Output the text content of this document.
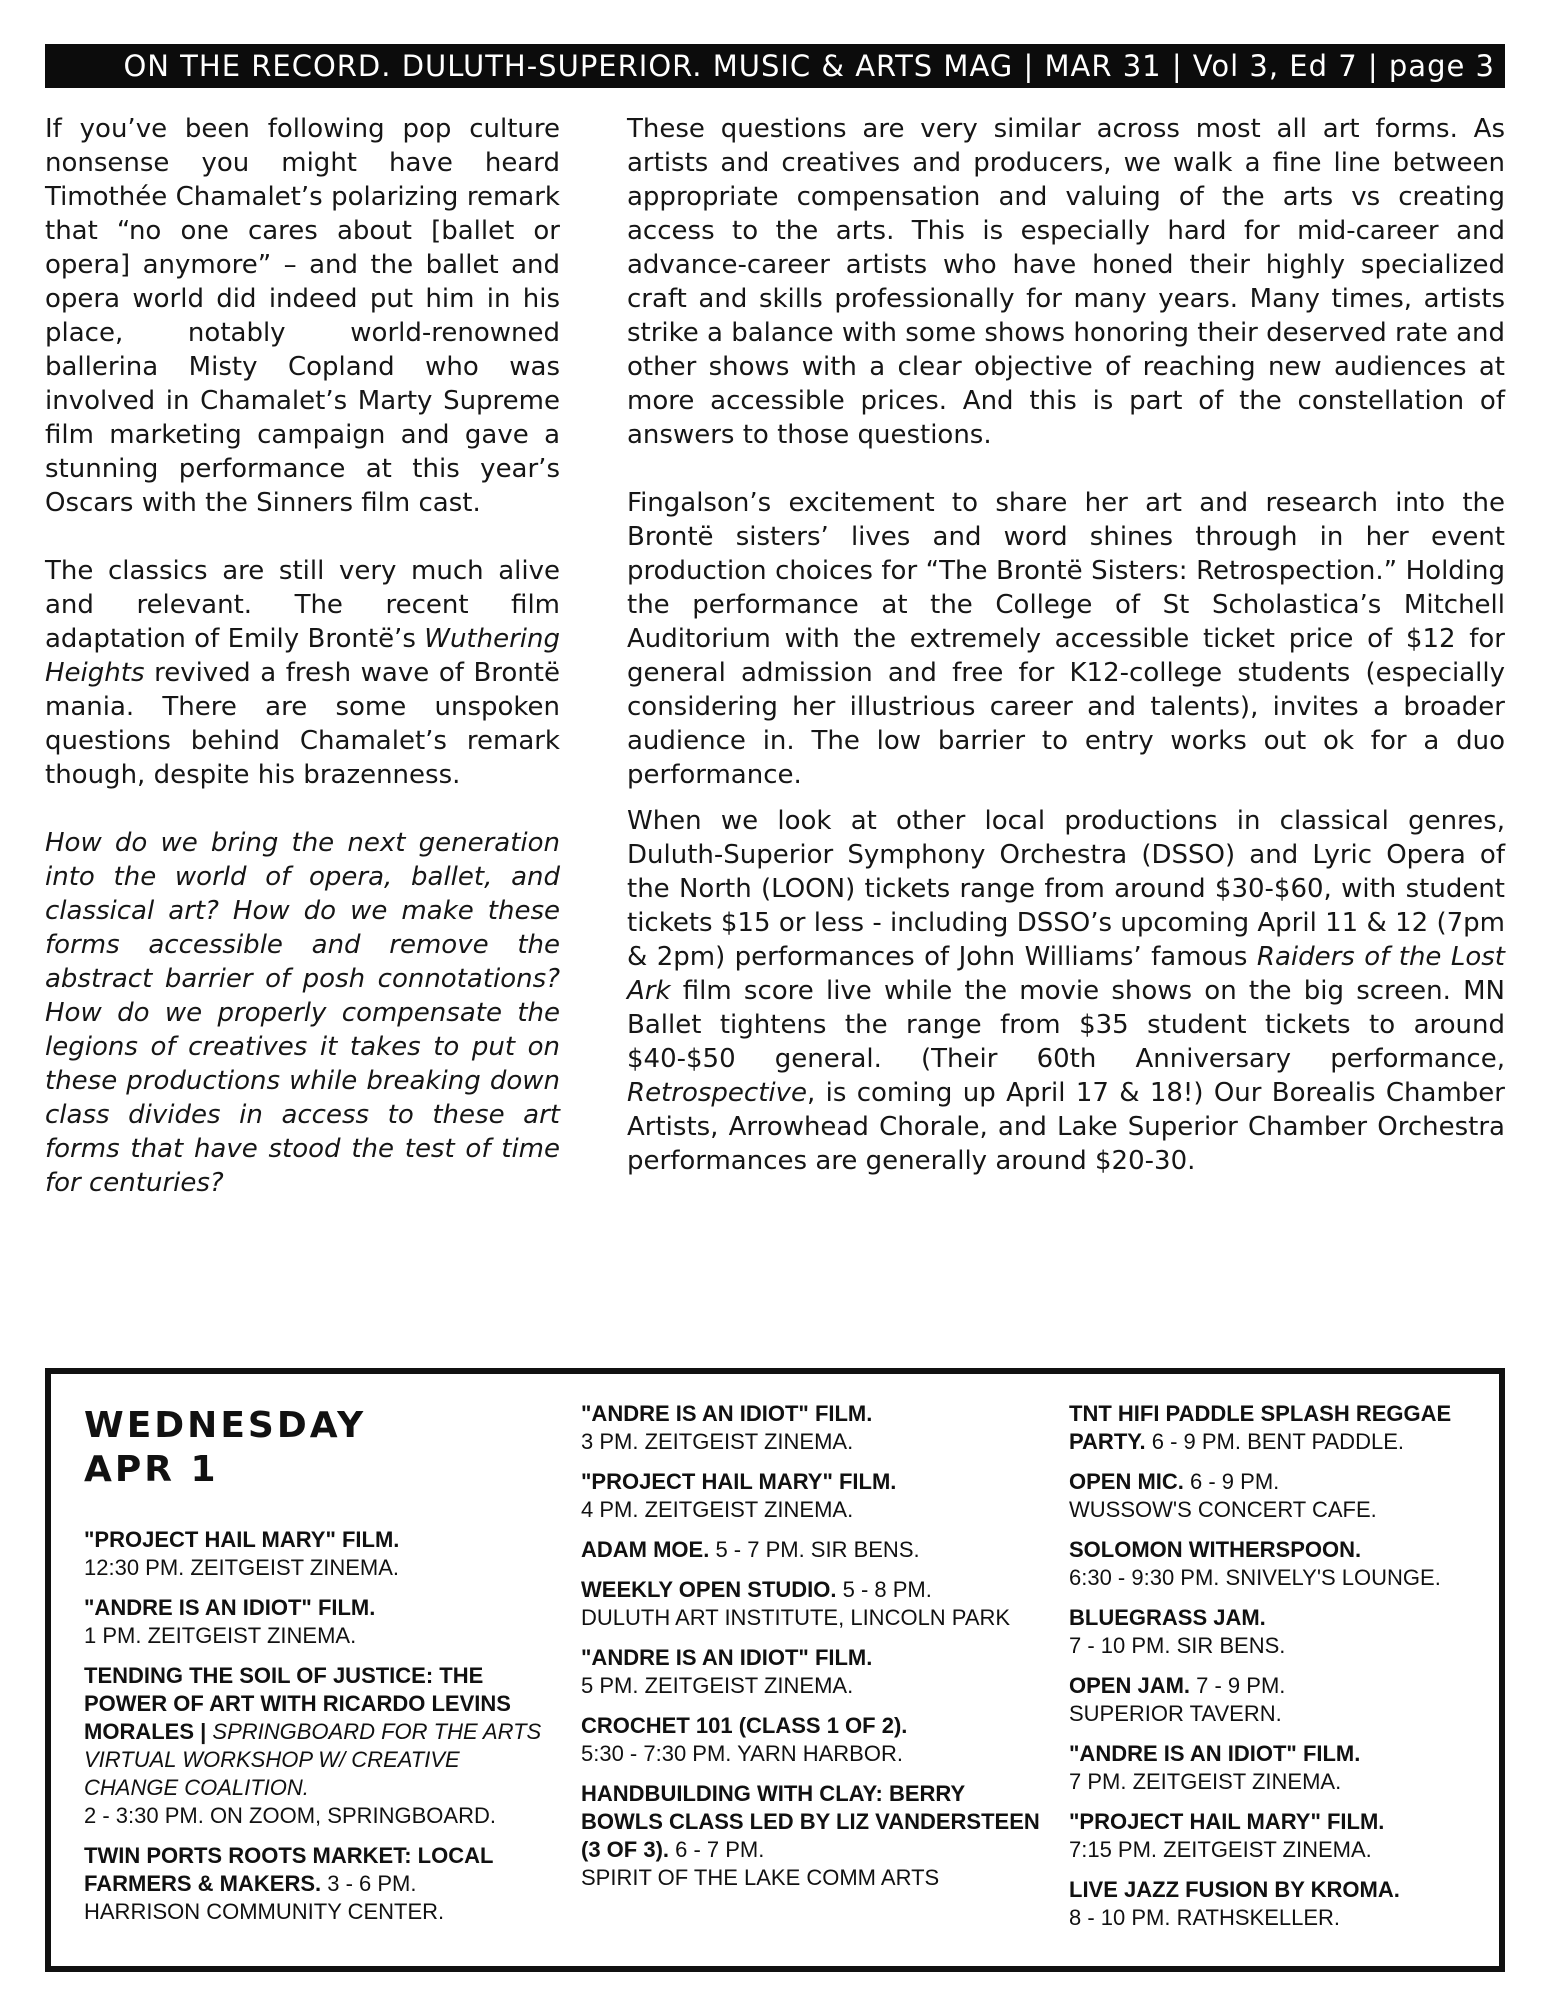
ON THE RECORD. DULUTH-SUPERIOR. MUSIC & ARTS MAG | MAR 31 | Vol 3, Ed 7 | page 3

If you’ve been following pop culture nonsense you might have heard Timothée Chamalet’s polarizing remark that “no one cares about [ballet or opera] anymore” – and the ballet and opera world did indeed put him in his place, notably world-renowned ballerina Misty Copland who was involved in Chamalet’s Marty Supreme film marketing campaign and gave a stunning performance at this year’s Oscars with the Sinners film cast.

The classics are still very much alive and relevant. The recent film adaptation of Emily Brontë’s Wuthering Heights revived a fresh wave of Brontë mania. There are some unspoken questions behind Chamalet’s remark though, despite his brazenness.

How do we bring the next generation into the world of opera, ballet, and classical art? How do we make these forms accessible and remove the abstract barrier of posh connotations? How do we properly compensate the legions of creatives it takes to put on these productions while breaking down class divides in access to these art forms that have stood the test of time for centuries?

These questions are very similar across most all art forms. As artists and creatives and producers, we walk a fine line between appropriate compensation and valuing of the arts vs creating access to the arts. This is especially hard for mid-career and advance-career artists who have honed their highly specialized craft and skills professionally for many years. Many times, artists strike a balance with some shows honoring their deserved rate and other shows with a clear objective of reaching new audiences at more accessible prices. And this is part of the constellation of answers to those questions.

Fingalson’s excitement to share her art and research into the Brontë sisters’ lives and word shines through in her event production choices for “The Brontë Sisters: Retrospection.” Holding the performance at the College of St Scholastica’s Mitchell Auditorium with the extremely accessible ticket price of $12 for general admission and free for K12-college students (especially considering her illustrious career and talents), invites a broader audience in. The low barrier to entry works out ok for a duo performance.

When we look at other local productions in classical genres, Duluth-Superior Symphony Orchestra (DSSO) and Lyric Opera of the North (LOON) tickets range from around $30-$60, with student tickets $15 or less - including DSSO’s upcoming April 11 & 12 (7pm & 2pm) performances of John Williams’ famous Raiders of the Lost Ark film score live while the movie shows on the big screen. MN Ballet tightens the range from $35 student tickets to around $40-$50 general. (Their 60th Anniversary performance, Retrospective, is coming up April 17 & 18!) Our Borealis Chamber Artists, Arrowhead Chorale, and Lake Superior Chamber Orchestra performances are generally around $20-30.

WEDNESDAY
APR 1
"PROJECT HAIL MARY" FILM.
12:30 PM. ZEITGEIST ZINEMA.
"ANDRE IS AN IDIOT" FILM.
1 PM. ZEITGEIST ZINEMA.
TENDING THE SOIL OF JUSTICE: THE POWER OF ART WITH RICARDO LEVINS MORALES | SPRINGBOARD FOR THE ARTS VIRTUAL WORKSHOP W/ CREATIVE CHANGE COALITION.
2 - 3:30 PM. ON ZOOM, SPRINGBOARD.
TWIN PORTS ROOTS MARKET: LOCAL FARMERS & MAKERS. 3 - 6 PM.
HARRISON COMMUNITY CENTER.
"ANDRE IS AN IDIOT" FILM.
3 PM. ZEITGEIST ZINEMA.
"PROJECT HAIL MARY" FILM.
4 PM. ZEITGEIST ZINEMA.
ADAM MOE. 5 - 7 PM. SIR BENS.
WEEKLY OPEN STUDIO. 5 - 8 PM.
DULUTH ART INSTITUTE, LINCOLN PARK
"ANDRE IS AN IDIOT" FILM.
5 PM. ZEITGEIST ZINEMA.
CROCHET 101 (CLASS 1 OF 2).
5:30 - 7:30 PM. YARN HARBOR.
HANDBUILDING WITH CLAY: BERRY BOWLS CLASS LED BY LIZ VANDERSTEEN (3 OF 3). 6 - 7 PM.
SPIRIT OF THE LAKE COMM ARTS
TNT HIFI PADDLE SPLASH REGGAE PARTY. 6 - 9 PM. BENT PADDLE.
OPEN MIC. 6 - 9 PM.
WUSSOW'S CONCERT CAFE.
SOLOMON WITHERSPOON.
6:30 - 9:30 PM. SNIVELY'S LOUNGE.
BLUEGRASS JAM.
7 - 10 PM. SIR BENS.
OPEN JAM. 7 - 9 PM.
SUPERIOR TAVERN.
"ANDRE IS AN IDIOT" FILM.
7 PM. ZEITGEIST ZINEMA.
"PROJECT HAIL MARY" FILM.
7:15 PM. ZEITGEIST ZINEMA.
LIVE JAZZ FUSION BY KROMA.
8 - 10 PM. RATHSKELLER.
